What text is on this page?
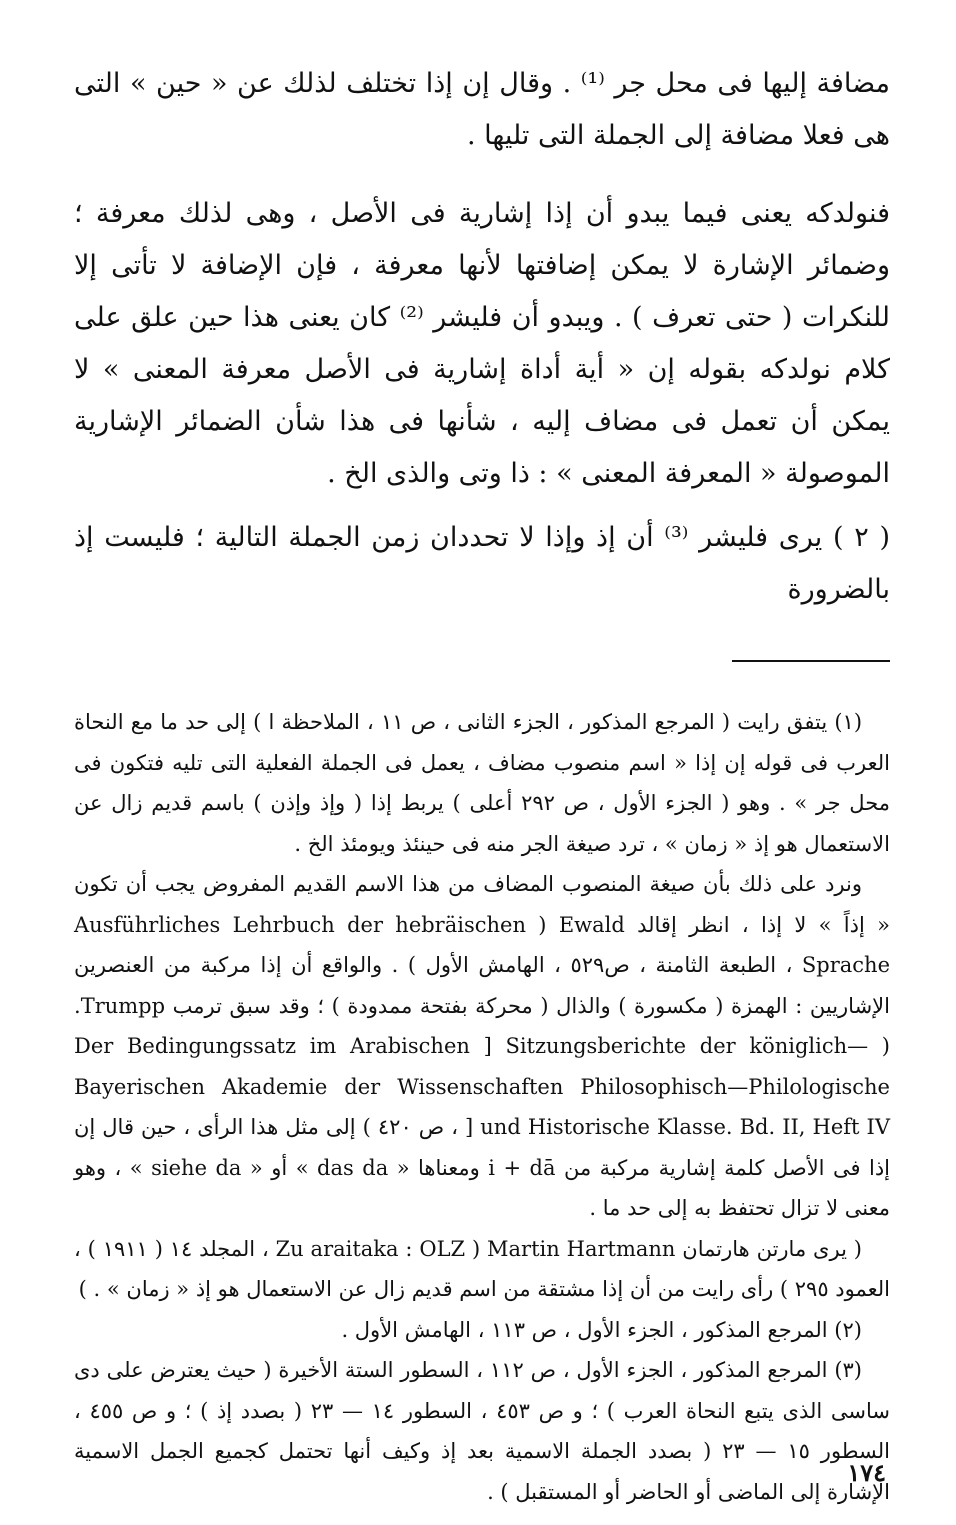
مضافة إليها فى محل جر ⁽¹⁾ . وقال إن إذا تختلف لذلك عن « حين » التى هى فعلا مضافة إلى الجملة التى تليها .

فنولدكه يعنى فيما يبدو أن إذا إشارية فى الأصل ، وهى لذلك معرفة ؛ وضمائر الإشارة لا يمكن إضافتها لأنها معرفة ، فإن الإضافة لا تأتى إلا للنكرات ( حتى تعرف ) . ويبدو أن فليشر ⁽²⁾ كان يعنى هذا حين علق على كلام نولدكه بقوله إن « أية أداة إشارية فى الأصل معرفة المعنى » لا يمكن أن تعمل فى مضاف إليه ، شأنها فى هذا شأن الضمائر الإشارية الموصولة « المعرفة المعنى » : ذا وتى والذى الخ .

( ٢ ) يرى فليشر ⁽³⁾ أن إذ وإذا لا تحددان زمن الجملة التالية ؛ فليست إذ بالضرورة

(١) يتفق رايت ( المرجع المذكور ، الجزء الثانى ، ص ١١ ، الملاحظة ا ) إلى حد ما مع النحاة العرب فى قوله إن إذا « اسم منصوب مضاف ، يعمل فى الجملة الفعلية التى تليه فتكون فى محل جر » . وهو ( الجزء الأول ، ص ٢٩٢ أعلى ) يربط إذا ( وإذ وإذن ) باسم قديم زال عن الاستعمال هو إذ « زمان » ، ترد صيغة الجر منه فى حينئذ ويومئذ الخ .

ونرد على ذلك بأن صيغة المنصوب المضاف من هذا الاسم القديم المفروض يجب أن تكون « إذاً » لا إذا ، انظر إقالد Ewald ( Ausführliches Lehrbuch der hebräischen Sprache ، الطبعة الثامنة ، ص٥٢٩ ، الهامش الأول ) . والواقع أن إذا مركبة من العنصرين الإشاريين : الهمزة ( مكسورة ) والذال ( محركة بفتحة ممدودة ) ؛ وقد سبق ترمب Trumpp. ( Der Bedingungssatz im Arabischen ] Sitzungsberichte der königlich—Bayerischen Akademie der Wissenschaften Philosophisch—Philologische und Historische Klasse. Bd. II, Heft IV [ ، ص ٤٢٠ ) إلى مثل هذا الرأى ، حين قال إن إذا فى الأصل كلمة إشارية مركبة من i + dā ومعناها « das da » أو « siehe da » ، وهو معنى لا تزال تحتفظ به إلى حد ما .

( يرى مارتن هارتمان Martin Hartmann ( Zu araitaka : OLZ ، المجلد ١٤ ( ١٩١١ ) ، العمود ٢٩٥ ) رأى رايت من أن إذا مشتقة من اسم قديم زال عن الاستعمال هو إذ « زمان » . )

(٢) المرجع المذكور ، الجزء الأول ، ص ١١٣ ، الهامش الأول .

(٣) المرجع المذكور ، الجزء الأول ، ص ١١٢ ، السطور الستة الأخيرة ( حيث يعترض على دى ساسى الذى يتبع النحاة العرب ) ؛ و ص ٤٥٣ ، السطور ١٤ — ٢٣ ( بصدد إذ ) ؛ و ص ٤٥٥ ، السطور ١٥ — ٢٣ ( بصدد الجملة الاسمية بعد إذ وكيف أنها تحتمل كجميع الجمل الاسمية الإشارة إلى الماضى أو الحاضر أو المستقبل ) .

١٧٤
